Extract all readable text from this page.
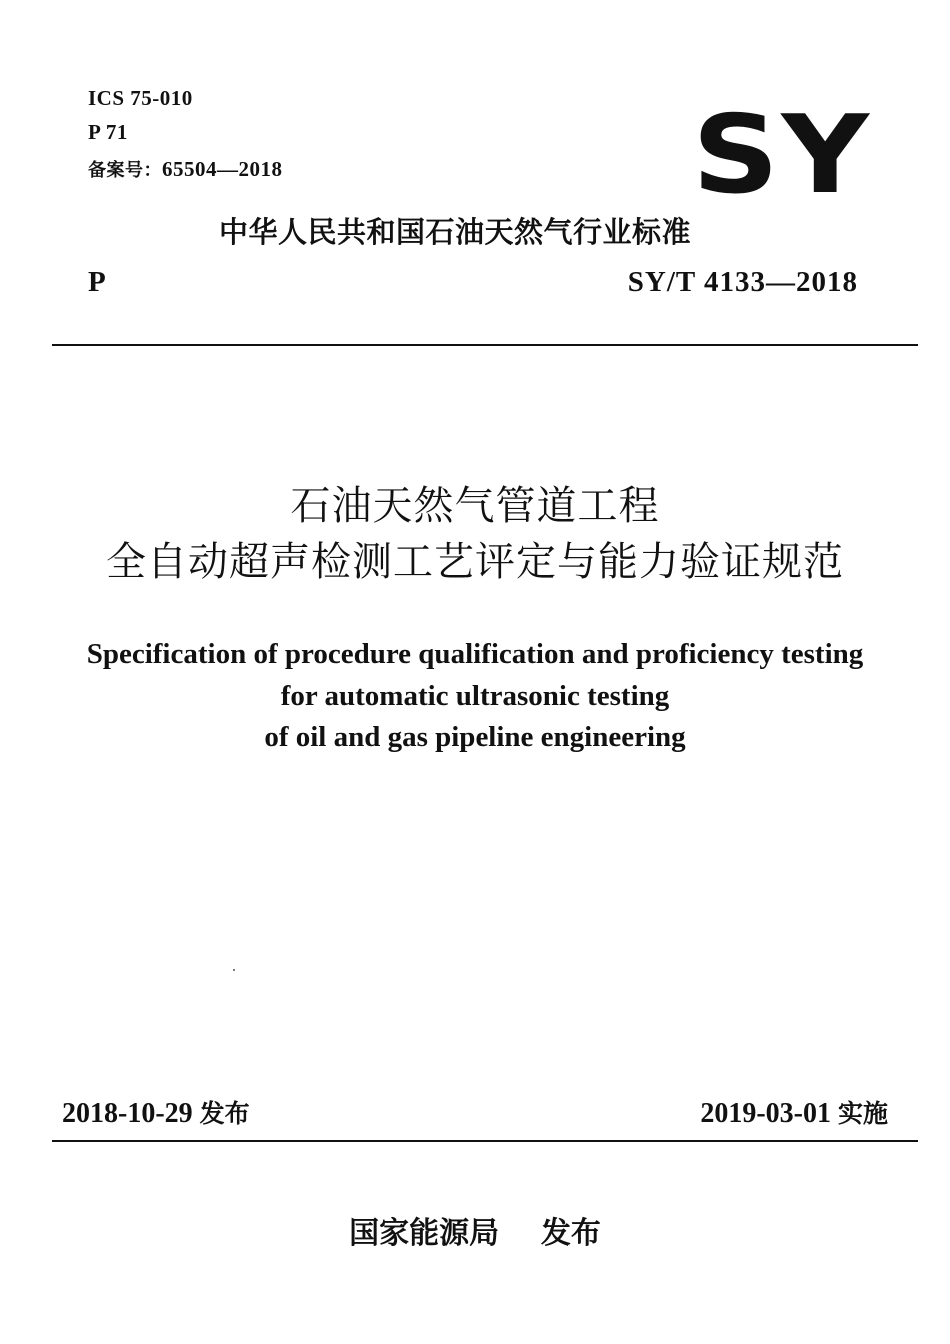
ICS 75-010
P 71
备案号：65504—2018	SY
中华人民共和国石油天然气行业标准
P	SY/T 4133—2018
石油天然气管道工程
全自动超声检测工艺评定与能力验证规范
Specification of procedure qualification and proficiency testing
for automatic ultrasonic testing
of oil and gas pipeline engineering
2018-10-29 发布	2019-03-01 实施
国家能源局 发布
